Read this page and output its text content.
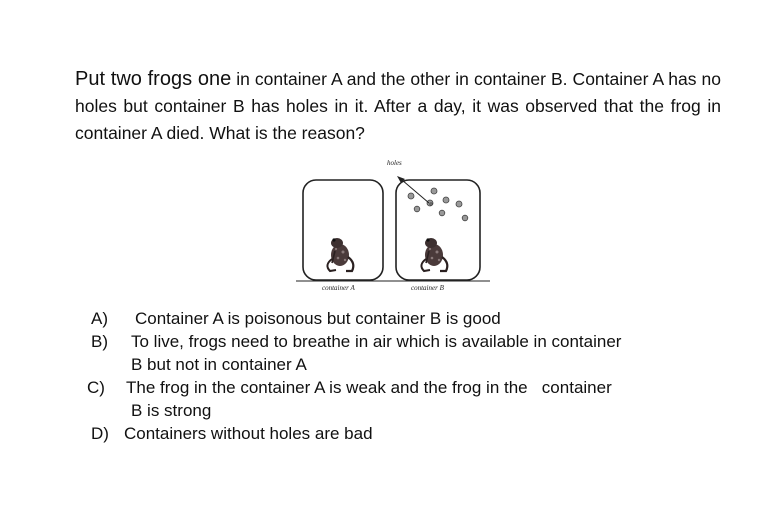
Put two frogs one in container A and the other in container B. Container A has no holes but container B has holes in it. After a day, it was observed that the frog in container A died. What is the reason?
holes
container A	container B
A)	Container A is poisonous but container B is good
B) To live, frogs need to breathe in air which is available in container
B but not in container A
C) The frog in the container A is weak and the frog in the   container
B is strong
D) Containers without holes are bad
